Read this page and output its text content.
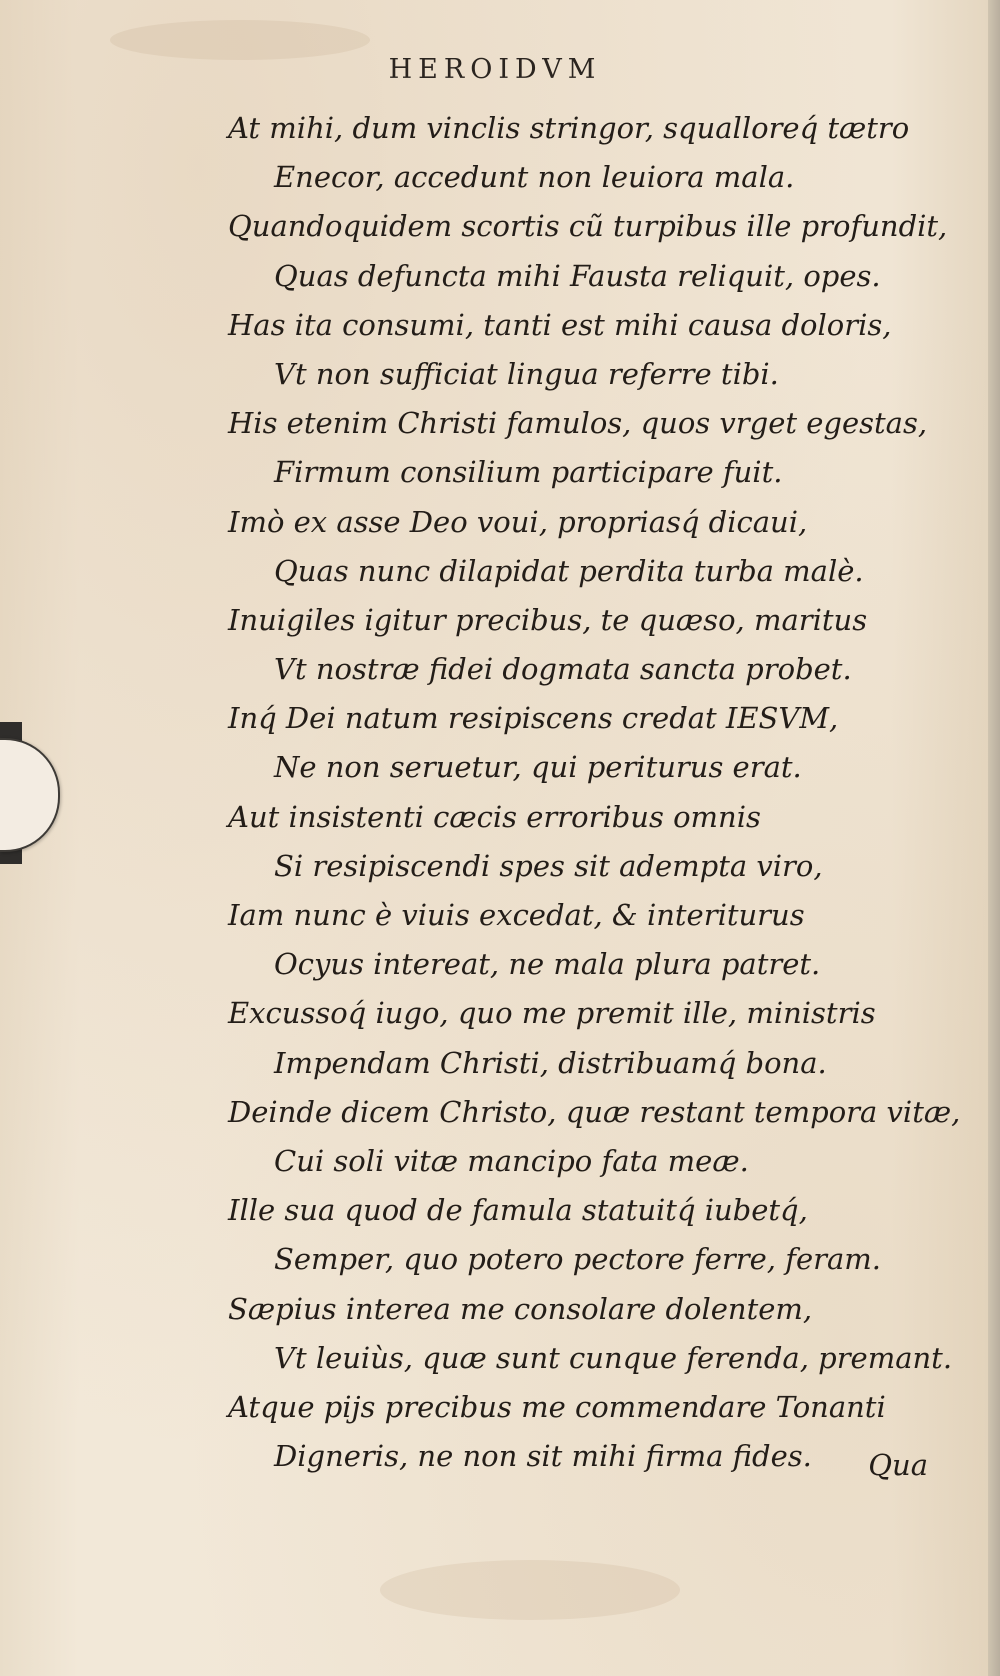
HEROIDVM
At mihi, dum vinclis stringor, squalloreq́ tætro
Enecor, accedunt non leuiora mala.
Quandoquidem scortis cũ turpibus ille profundit,
Quas defuncta mihi Fausta reliquit, opes.
Has ita consumi, tanti est mihi causa doloris,
Vt non sufficiat lingua referre tibi.
His etenim Christi famulos, quos vrget egestas,
Firmum consilium participare fuit.
Imò ex asse Deo voui, propriasq́ dicaui,
Quas nunc dilapidat perdita turba malè.
Inuigiles igitur precibus, te quæso, maritus
Vt nostræ fidei dogmata sancta probet.
Inq́ Dei natum resipiscens credat IESVM,
Ne non seruetur, qui periturus erat.
Aut insistenti cæcis erroribus omnis
Si resipiscendi spes sit adempta viro,
Iam nunc è viuis excedat, & interiturus
Ocyus intereat, ne mala plura patret.
Excussoq́ iugo, quo me premit ille, ministris
Impendam Christi, distribuamq́ bona.
Deinde dicem Christo, quæ restant tempora vitæ,
Cui soli vitæ mancipo fata meæ.
Ille sua quod de famula statuitq́ iubetq́,
Semper, quo potero pectore ferre, feram.
Sæpius interea me consolare dolentem,
Vt leuiùs, quæ sunt cunque ferenda, premant.
Atque pijs precibus me commendare Tonanti
Digneris, ne non sit mihi firma fides.	Qua
